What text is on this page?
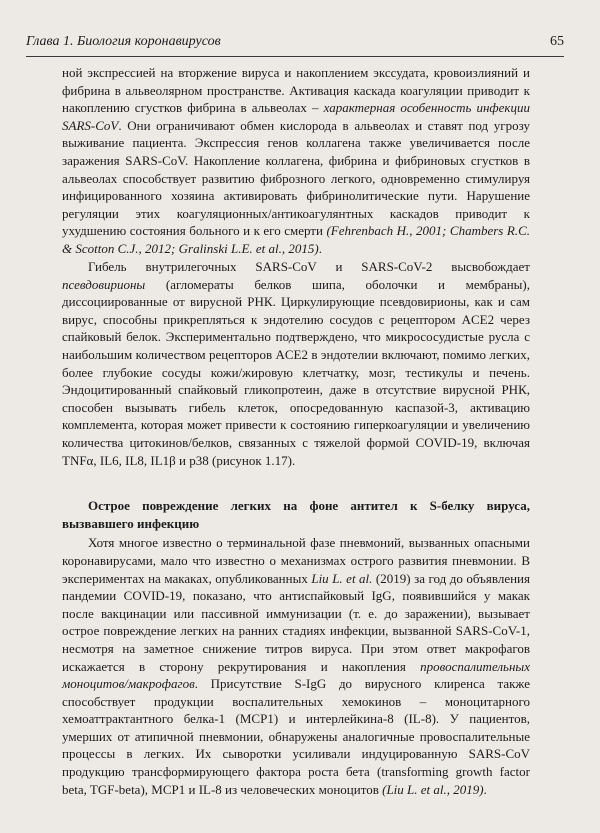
Глава 1. Биология коронавирусов	65

ной экспрессией на вторжение вируса и накоплением экссудата, кровоизлияний и фибрина в альвеолярном пространстве. Активация каскада коагуляции приводит к накоплению сгустков фибрина в альвеолах – характерная особенность инфекции SARS-CoV. Они ограничивают обмен кислорода в альвеолах и ставят под угрозу выживание пациента. Экспрессия генов коллагена также увеличивается после заражения SARS-CoV. Накопление коллагена, фибрина и фибриновых сгустков в альвеолах способствует развитию фиброзного легкого, одновременно стимулируя инфицированного хозяина активировать фибринолитические пути. Нарушение регуляции этих коагуляционных/антикоагулянтных каскадов приводит к ухудшению состояния больного и к его смерти (Fehrenbach H., 2001; Chambers R.C. & Scotton C.J., 2012; Gralinski L.E. et al., 2015).

Гибель внутрилегочных SARS-CoV и SARS-CoV-2 высвобождает псевдовирионы (агломераты белков шипа, оболочки и мембраны), диссоциированные от вирусной РНК. Циркулирующие псевдовирионы, как и сам вирус, способны прикрепляться к эндотелию сосудов с рецептором ACE2 через спайковый белок. Экспериментально подтверждено, что микрососудистые русла с наибольшим количеством рецепторов ACE2 в эндотелии включают, помимо легких, более глубокие сосуды кожи/жировую клетчатку, мозг, тестикулы и печень. Эндоцитированный спайковый гликопротеин, даже в отсутствие вирусной РНК, способен вызывать гибель клеток, опосредованную каспазой-3, активацию комплемента, которая может привести к состоянию гиперкоагуляции и увеличению количества цитокинов/белков, связанных с тяжелой формой COVID-19, включая TNFα, IL6, IL8, IL1β и p38 (рисунок 1.17).

Острое повреждение легких на фоне антител к S-белку вируса, вызвавшего инфекцию

Хотя многое известно о терминальной фазе пневмоний, вызванных опасными коронавирусами, мало что известно о механизмах острого развития пневмонии. В экспериментах на макаках, опубликованных Liu L. et al. (2019) за год до объявления пандемии COVID-19, показано, что антиспайковый IgG, появившийся у макак после вакцинации или пассивной иммунизации (т. е. до заражении), вызывает острое повреждение легких на ранних стадиях инфекции, вызванной SARS-CoV-1, несмотря на заметное снижение титров вируса. При этом ответ макрофагов искажается в сторону рекрутирования и накопления провоспалительных моноцитов/макрофагов. Присутствие S-IgG до вирусного клиренса также способствует продукции воспалительных хемокинов – моноцитарного хемоаттрактантного белка-1 (MCP1) и интерлейкина-8 (IL-8). У пациентов, умерших от атипичной пневмонии, обнаружены аналогичные провоспалительные процессы в легких. Их сыворотки усиливали индуцированную SARS-CoV продукцию трансформирующего фактора роста бета (transforming growth factor beta, TGF-beta), MCP1 и IL-8 из человеческих моноцитов (Liu L. et al., 2019).
